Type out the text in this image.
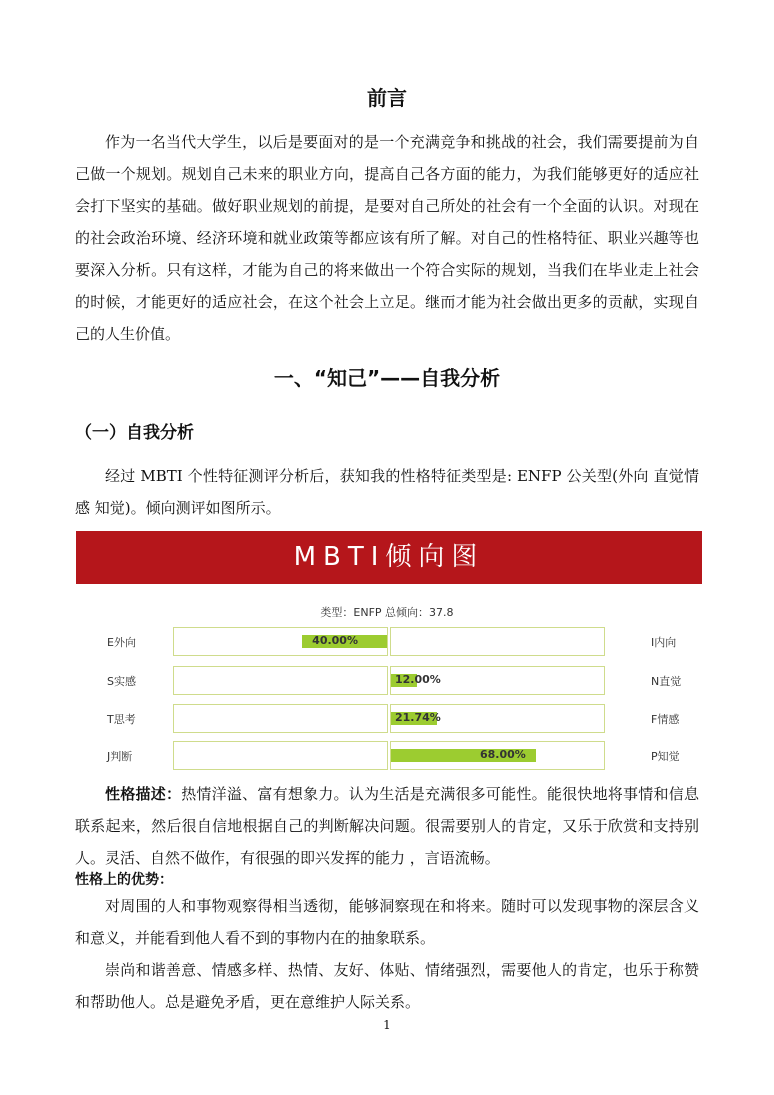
前言

作为一名当代大学生，以后是要面对的是一个充满竞争和挑战的社会，我们需要提前为自己做一个规划。规划自己未来的职业方向，提高自己各方面的能力，为我们能够更好的适应社会打下坚实的基础。做好职业规划的前提，是要对自己所处的社会有一个全面的认识。对现在的社会政治环境、经济环境和就业政策等都应该有所了解。对自己的性格特征、职业兴趣等也要深入分析。只有这样，才能为自己的将来做出一个符合实际的规划，当我们在毕业走上社会的时候，才能更好的适应社会，在这个社会上立足。继而才能为社会做出更多的贡献，实现自己的人生价值。

一、“知己”——自我分析
（一）自我分析

经过 MBTI 个性特征测评分析后，获知我的性格特征类型是: ENFP 公关型(外向 直觉情感 知觉)。倾向测评如图所示。

MBTI倾向图
类型：ENFP 总倾向：37.8
E外向	40.00%	I内向
S实感	12.00%	N直觉
T思考	21.74%	F情感
J判断	68.00%	P知觉

性格描述：热情洋溢、富有想象力。认为生活是充满很多可能性。能很快地将事情和信息联系起来，然后很自信地根据自己的判断解决问题。很需要别人的肯定，又乐于欣赏和支持别人。灵活、自然不做作，有很强的即兴发挥的能力 ，言语流畅。

性格上的优势：

对周围的人和事物观察得相当透彻，能够洞察现在和将来。随时可以发现事物的深层含义和意义，并能看到他人看不到的事物内在的抽象联系。

崇尚和谐善意、情感多样、热情、友好、体贴、情绪强烈，需要他人的肯定，也乐于称赞和帮助他人。总是避免矛盾，更在意维护人际关系。

1
